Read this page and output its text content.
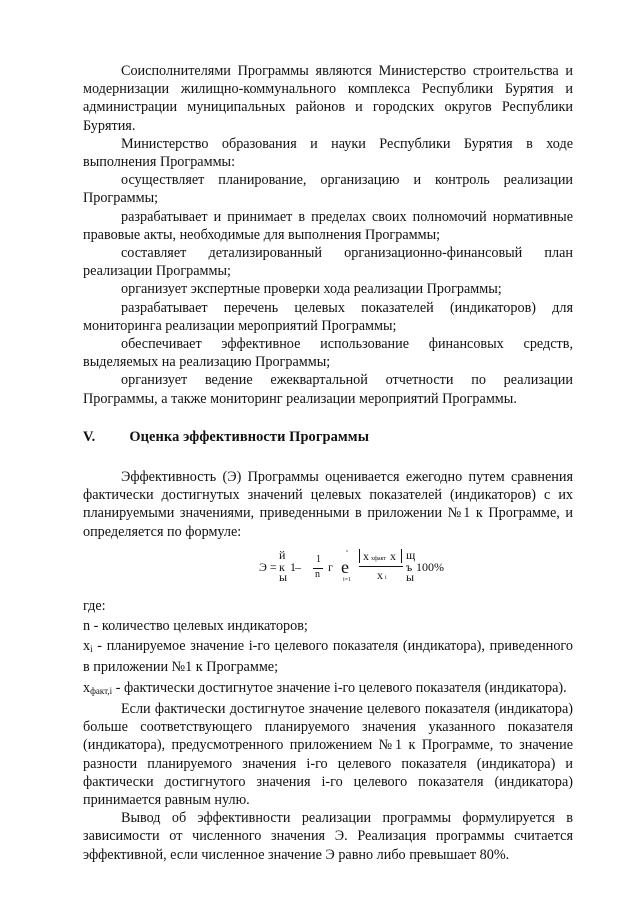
Соисполнителями Программы являются Министерство строительства и модернизации жилищно-коммунального комплекса Республики Бурятия и администрации муниципальных районов и городских округов Республики Бурятия.

Министерство образования и науки Республики Бурятия в ходе выполнения Программы:

осуществляет планирование, организацию и контроль реализации Программы;

разрабатывает и принимает в пределах своих полномочий нормативные правовые акты, необходимые для выполнения Программы;

составляет детализированный организационно-финансовый план реализации Программы;

организует экспертные проверки хода реализации Программы;

разрабатывает перечень целевых показателей (индикаторов) для мониторинга реализации мероприятий Программы;

обеспечивает эффективное использование финансовых средств, выделяемых на реализацию Программы;

организует ведение ежеквартальной отчетности по реализации Программы, а также мониторинг реализации мероприятий Программы.

V. Оценка эффективности Программы

Эффективность (Э) Программы оценивается ежегодно путем сравнения фактически достигнутых значений целевых показателей (индикаторов) с их планируемыми значениями, приведенными в приложении №1 к Программе, и определяется по формуле:

Э =
й
к 1 –
1
n
г
▫
е
i=1
x xфакт x
x i
щ
ъ 100%
ы	ы

где:

n - количество целевых индикаторов;

$x_i$ - планируемое значение i-го целевого показателя (индикатора), приведенного в приложении №1 к Программе;

$x_{факт,i}$ - фактически достигнутое значение i-го целевого показателя (индикатора).

Если фактически достигнутое значение целевого показателя (индикатора) больше соответствующего планируемого значения указанного показателя (индикатора), предусмотренного приложением №1 к Программе, то значение разности планируемого значения i-го целевого показателя (индикатора) и фактически достигнутого значения i-го целевого показателя (индикатора) принимается равным нулю.

Вывод об эффективности реализации программы формулируется в зависимости от численного значения Э. Реализация программы считается эффективной, если численное значение Э равно либо превышает 80%.
